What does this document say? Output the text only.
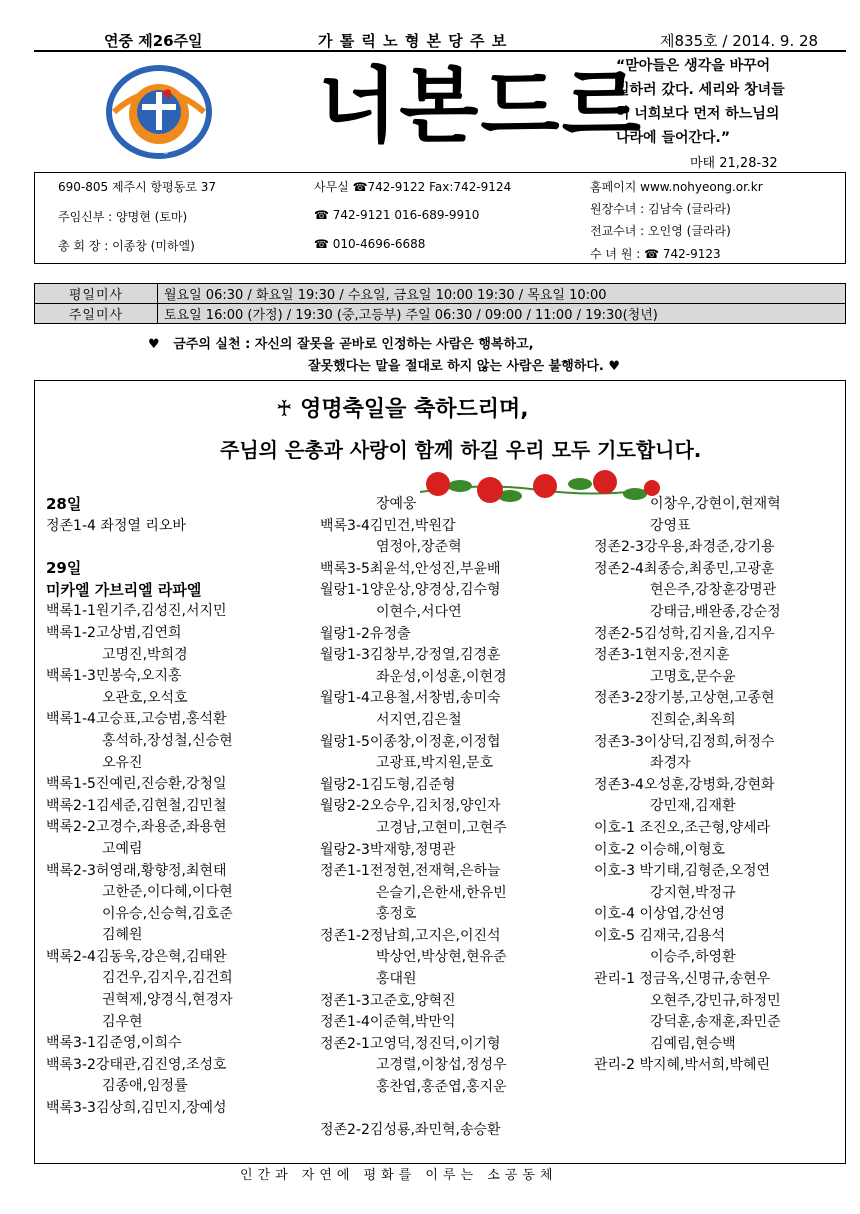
연중 제26주일	가 톨 릭 노 형 본 당 주 보	제835호 / 2014. 9. 28
노 형 너본드르
“맏아들은 생각을 바꾸어
일하러 갔다. 세리와 창녀들
이 너희보다 먼저 하느님의
나라에 들어간다.”
마태 21,28-32
690-805 제주시 항평동로 37	사무실 ☎742-9122 Fax:742-9124	홈페이지 www.nohyeong.or.kr
주임신부 : 양명현 (토마)	☎ 742-9121 016-689-9910	원장수녀 : 김남숙 (글라라)
총 회 장 : 이종창 (미하엘)	☎ 010-4696-6688
전교수녀 : 오인영 (글라라)
수 녀 원 : ☎ 742-9123
평일미사	월요일 06:30 / 화요일 19:30 / 수요일, 금요일 10:00 19:30 / 목요일 10:00
주일미사	토요일 16:00 (가정) / 19:30 (중,고등부) 주일 06:30 / 09:00 / 11:00 / 19:30(청년)
♥ 금주의 실천 : 자신의 잘못을 곧바로 인정하는 사람은 행복하고,
잘못했다는 말을 절대로 하지 않는 사람은 불행하다. ♥
♰ 영명축일을 축하드리며,
주님의 은총과 사랑이 함께 하길 우리 모두 기도합니다.
28일
정존1-4 좌정열 리오바
29일
미카엘 가브리엘 라파엘
백록1-1원기주,김성진,서지민
백록1-2고상범,김연희
고명진,박희경
백록1-3민봉숙,오지홍
오관호,오석호
백록1-4고승표,고승범,홍석환
홍석하,장성철,신승현
오유진
백록1-5진예린,진승환,강청일
백록2-1김세준,김현철,김민철
백록2-2고경수,좌용준,좌용현
고예림
백록2-3허영래,황향정,최현태
고한준,이다혜,이다현
이유승,신승혁,김호준
김혜원
백록2-4김동욱,강은혁,김태완
김건우,김지우,김건희
권혁제,양경식,현경자
김우현
백록3-1김준영,이희수
백록3-2강태관,김진영,조성호
김종애,임정률
백록3-3김상희,김민지,장예성
장예웅
백록3-4김민건,박원갑
염정아,장준혁
백록3-5최윤석,안성진,부윤배
월랑1-1양운상,양경상,김수형
이현수,서다연
월랑1-2유정출
월랑1-3김창부,강정열,김경훈
좌운성,이성훈,이현경
월랑1-4고용철,서창범,송미숙
서지연,김은철
월랑1-5이종창,이정훈,이정협
고광표,박지원,문호
월랑2-1김도형,김준형
월랑2-2오승우,김치정,양인자
고경남,고현미,고현주
월랑2-3박재향,정명관
정존1-1전정현,전재혁,은하늘
은슬기,은한새,한유빈
홍정호
정존1-2정남희,고지은,이진석
박상언,박상현,현유준
홍대원
정존1-3고준호,양혁진
정존1-4이준혁,박만익
정존2-1고영덕,정진덕,이기형
고경렬,이창섭,정성우
홍찬엽,홍준엽,홍지운
정존2-2김성룡,좌민혁,송승환
이창우,강현이,현재혁
강영표
정존2-3강우용,좌경준,강기용
정존2-4최종승,최종민,고광훈
현은주,강창훈강명관
강태금,배완종,강순정
정존2-5김성학,김지율,김지우
정존3-1현지웅,전지훈
고명호,문수윤
정존3-2장기봉,고상현,고종현
진희순,최옥희
정존3-3이상덕,김정희,허정수
좌경자
정존3-4오성훈,강병화,강현화
강민재,김재환
이호-1 조진오,조근형,양세라
이호-2 이승해,이형호
이호-3 박기태,김형준,오정연
강지현,박정규
이호-4 이상엽,강선영
이호-5 김재국,김용석
이승주,하영환
관리-1 정금옥,신명규,송현우
오현주,강민규,하정민
강덕훈,송재훈,좌민준
김예림,현승백
관리-2 박지혜,박서희,박혜린
인간과 자연에 평화를 이루는 소공동체
